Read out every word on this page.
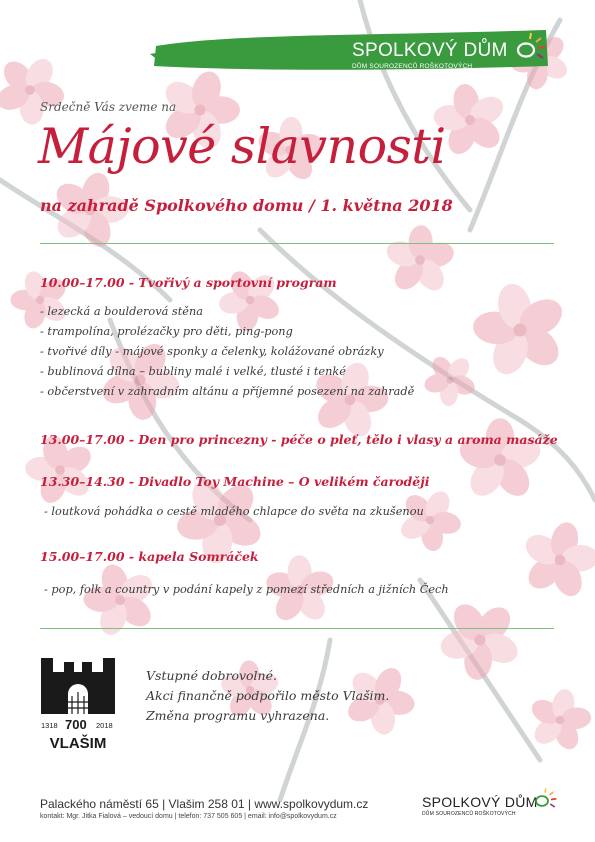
SPOLKOVÝ DŮM
DŮM SOUROZENCŮ ROŠKOTOVÝCH
Srdečně Vás zveme na
Májové slavnosti
na zahradě Spolkového domu / 1. května 2018
10.00–17.00 - Tvořivý a sportovní program
- lezecká a boulderová stěna
- trampolína, prolézačky pro děti, ping-pong
- tvořivé díly - májové sponky a čelenky, kolážované obrázky
- bublinová dílna – bubliny malé i velké, tlusté i tenké
- občerstvení v zahradním altánu a příjemné posezení na zahradě
13.00–17.00 - Den pro princezny - péče o pleť, tělo i vlasy a aroma masáže
13.30–14.30 - Divadlo Toy Machine – O velikém čaroději
- loutková pohádka o cestě mladého chlapce do světa na zkušenou
15.00–17.00 - kapela Somráček
- pop, folk a country v podání kapely z pomezí středních a jižních Čech
1318 700 2018
VLAŠIM
Vstupné dobrovolné.
Akci finančně podpořilo město Vlašim.
Změna programu vyhrazena.
Palackého náměstí 65 | Vlašim 258 01 | www.spolkovydum.cz
kontakt: Mgr. Jitka Fialová – vedoucí domu | telefon: 737 505 605 | email: info@spolkovydum.cz
SPOLKOVÝ DŮM
DŮM SOUROZENCŮ ROŠKOTOVÝCH
